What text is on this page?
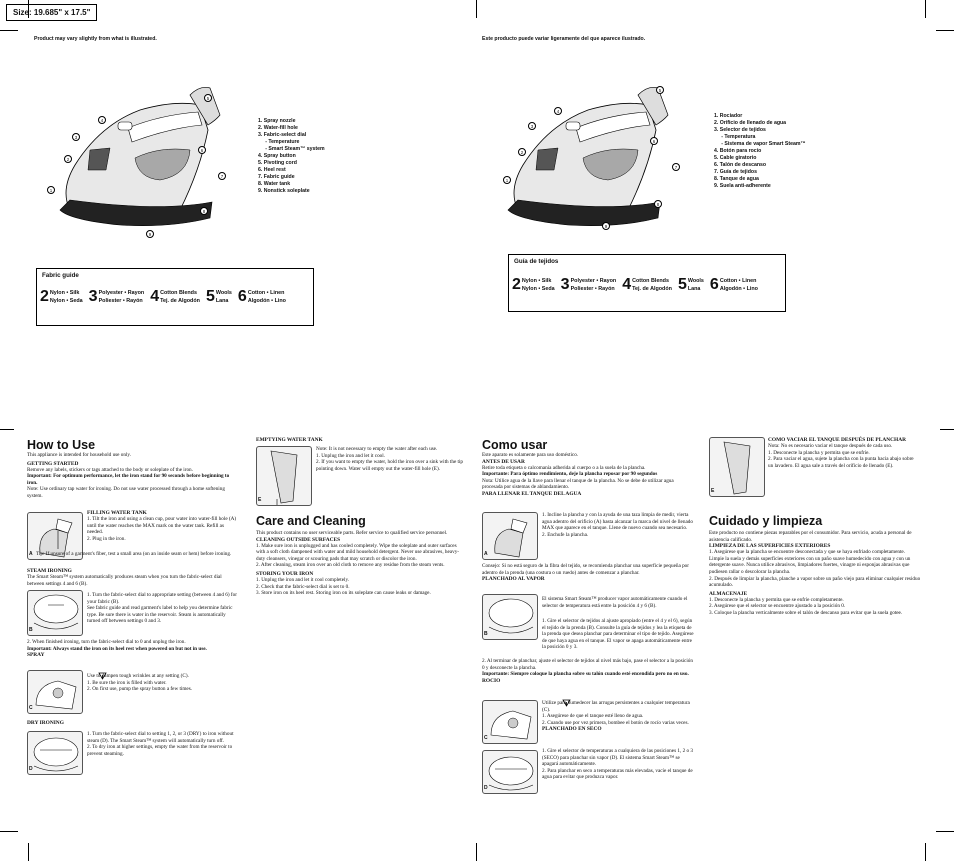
Size: 19.685" x 17.5"
Product may vary slightly from what is illustrated.	Este producto puede variar ligeramente del que aparece ilustrado.
1
2
3
4
5
6
7
8
9
1. Spray nozzle
2. Water-fill hole
3. Fabric-select dial
- Temperature
- Smart Steam™ system
4. Spray button
5. Pivoting cord
6. Heel rest
7. Fabric guide
8. Water tank
9. Nonstick soleplate
1
2
3
4
5
6
7
8
9
1. Rociador
2. Orificio de llenado de agua
3. Selector de tejidos
- Temperatura
- Sistema de vapor Smart Steam™
4. Botón para rocío
5. Cable giratorio
6. Talón de descanso
7. Guía de tejidos
8. Tanque de agua
9. Suela anti-adherente
Fabric guide
2 Nylon • Silk
Nylon • Seda 3 Polyester • Rayon
Poliester • Rayón 4 Cotton Blends
Tej. de Algodón 5 Wools
Lana 6 Cotton • Linen
Algodón • Lino
Guía de tejidos
2 Nylon • Silk
Nylon • Seda 3 Polyester • Rayon
Poliester • Rayón 4 Cotton Blends
Tej. de Algodón 5 Wools
Lana 6 Cotton • Linen
Algodón • Lino
How to Use
This appliance is intended for household use only.
GETTING STARTED
Remove any labels, stickers or tags attached to the body or soleplate of the iron.
Important: For optimum performance, let the iron stand for 90 seconds before beginning to iron.
Note: Use ordinary tap water for ironing. Do not use water processed through a home softening system.
A
FILLING WATER TANK
1. Tilt the iron and using a clean cup, pour water into water-fill hole (A) until the water reaches the MAX mark on the water tank. Refill as needed.
2. Plug in the iron.
Tip: If unsure of a garment's fiber, test a small area (on an inside seam or hem) before ironing.
STEAM IRONING
The Smart Steam™ system automatically produces steam when you turn the fabric-select dial between settings 4 and 6 (B).
B
1. Turn the fabric-select dial to appropriate setting (between 4 and 6) for your fabric (B).
See fabric guide and read garment's label to help you determine fabric type. Be sure there is water in the reservoir. Steam is automatically turned off between settings 0 and 3.
2. When finished ironing, turn the fabric-select dial to 0 and unplug the iron.
Important: Always stand the iron on its heel rest when powered on but not in use.
SPRAY
C
Use to dampen tough wrinkles at any setting (C).
1. Be sure the iron is filled with water.
2. On first use, pump the spray button a few times.
DRY IRONING
D
1. Turn the fabric-select dial to setting 1, 2, or 3 (DRY) to iron without steam (D). The Smart Steam™ system will automatically turn off.
2. To dry iron at higher settings, empty the water from the reservoir to prevent steaming.
EMPTYING WATER TANK
E
Note: It is not necessary to empty the water after each use.
1. Unplug the iron and let it cool.
2. If you want to empty the water, hold the iron over a sink with the tip pointing down. Water will empty out the water-fill hole (E).
Care and Cleaning
This product contains no user serviceable parts. Refer service to qualified service personnel.
CLEANING OUTSIDE SURFACES
1. Make sure iron is unplugged and has cooled completely. Wipe the soleplate and outer surfaces with a soft cloth dampened with water and mild household detergent. Never use abrasives, heavy-duty cleansers, vinegar or scouring pads that may scratch or discolor the iron.
2. After cleaning, steam iron over an old cloth to remove any residue from the steam vents.
STORING YOUR IRON
1. Unplug the iron and let it cool completely.
2. Check that the fabric-select dial is set to 0.
3. Store iron on its heel rest. Storing iron on its soleplate can cause leaks or damage.
Como usar
Este aparato es solamente para uso doméstico.
ANTES DE USAR
Retire toda etiqueta o calcomanía adherida al cuerpo o a la suela de la plancha.
Importante: Para óptimo rendimiento, deje la plancha reposar por 90 segundos
Nota: Utilice agua de la llave para llenar el tanque de la plancha. No se debe de utilizar agua procesada por sistemas de ablandamiento.
PARA LLENAR EL TANQUE DEL AGUA
A
1. Incline la plancha y con la ayuda de una taza limpia de medir, vierta agua adentro del orificio (A) hasta alcanzar la marca del nivel de llenado MAX que aparece en el tanque. Llene de nuevo cuando sea necesario.
2. Enchufe la plancha.
Consejo: Si no está seguro de la fibra del tejido, se recomienda planchar una superficie pequeña por adentro de la prenda (una costura o un ruedo) antes de comenzar a planchar.
PLANCHADO AL VAPOR
B
El sistema Smart Steam™ producer vapor automáticamente cuando el selector de temperatura está entre la posición 4 y 6 (B).
1. Gire el selector de tejidos al ajuste apropiado (entre el 4 y el 6), según el tejido de la prenda (B). Consulte la guía de tejidos y lea la etiqueta de la prenda que desea planchar para determinar el tipo de tejido. Asegúrese de que haya agua en el tanque. El vapor se apaga automáticamente entre la posición 0 y 3.
2. Al terminar de planchar, ajuste el selector de tejidos al nivel más bajo, pase el selector a la posición 0 y desconecte la plancha.
Importante: Siempre coloque la plancha sobre su talón cuando esté encendida pero no en uso.
ROCIO
C
Utilize para humedecer las arrugas persistentes a cualquier temperatura (C).
1. Asegúrese de que el tanque esté lleno de agua.
2. Cuando use por vez primera, bombee el botón de rocío varias veces.
PLANCHADO EN SECO
D
1. Gire el selector de temperaturas a cualquiera de las posiciones 1, 2 o 3 (SECO) para planchar sin vapor (D). El sistema Smart Steam™ se apagará automáticamente.
2. Para planchar en seco a temperaturas más elevadas, vacíe el tanque de agua para evitar que produzca vapor.
E
COMO VACIAR EL TANQUE DESPUÉS DE PLANCHAR
Nota: No es necesario vaciar el tanque después de cada uso.
1. Desconecte la plancha y permita que se enfríe.
2. Para vaciar el agua, sujete la plancha con la punta hacia abajo sobre un lavadero. El agua sale a través del orificio de llenado (E).
Cuidado y limpieza
Este producto no contiene piezas reparables por el consumidor. Para servicio, acuda a personal de asistencia calificado.
LIMPIEZA DE LAS SUPERFICIES EXTERIORES
1. Asegúrese que la plancha se encuentre desconectada y que se haya enfriado completamente. Limpie la suela y demás superficies exteriores con un paño suave humedecido con agua y con un detergente suave. Nunca utilice abrasivos, limpiadores fuertes, vinagre ni esponjas abrasivas que pudiesen rallar o descolorar la plancha.
2. Después de limpiar la plancha, planche a vapor sobre un paño viejo para eliminar cualquier residuo acumulado.
ALMACENAJE
1. Desconecte la plancha y permita que se enfríe completamente.
2. Asegúrese que el selector se encuentre ajustado a la posición 0.
3. Coloque la plancha verticalmente sobre el talón de descanso para evitar que la suela gotee.
